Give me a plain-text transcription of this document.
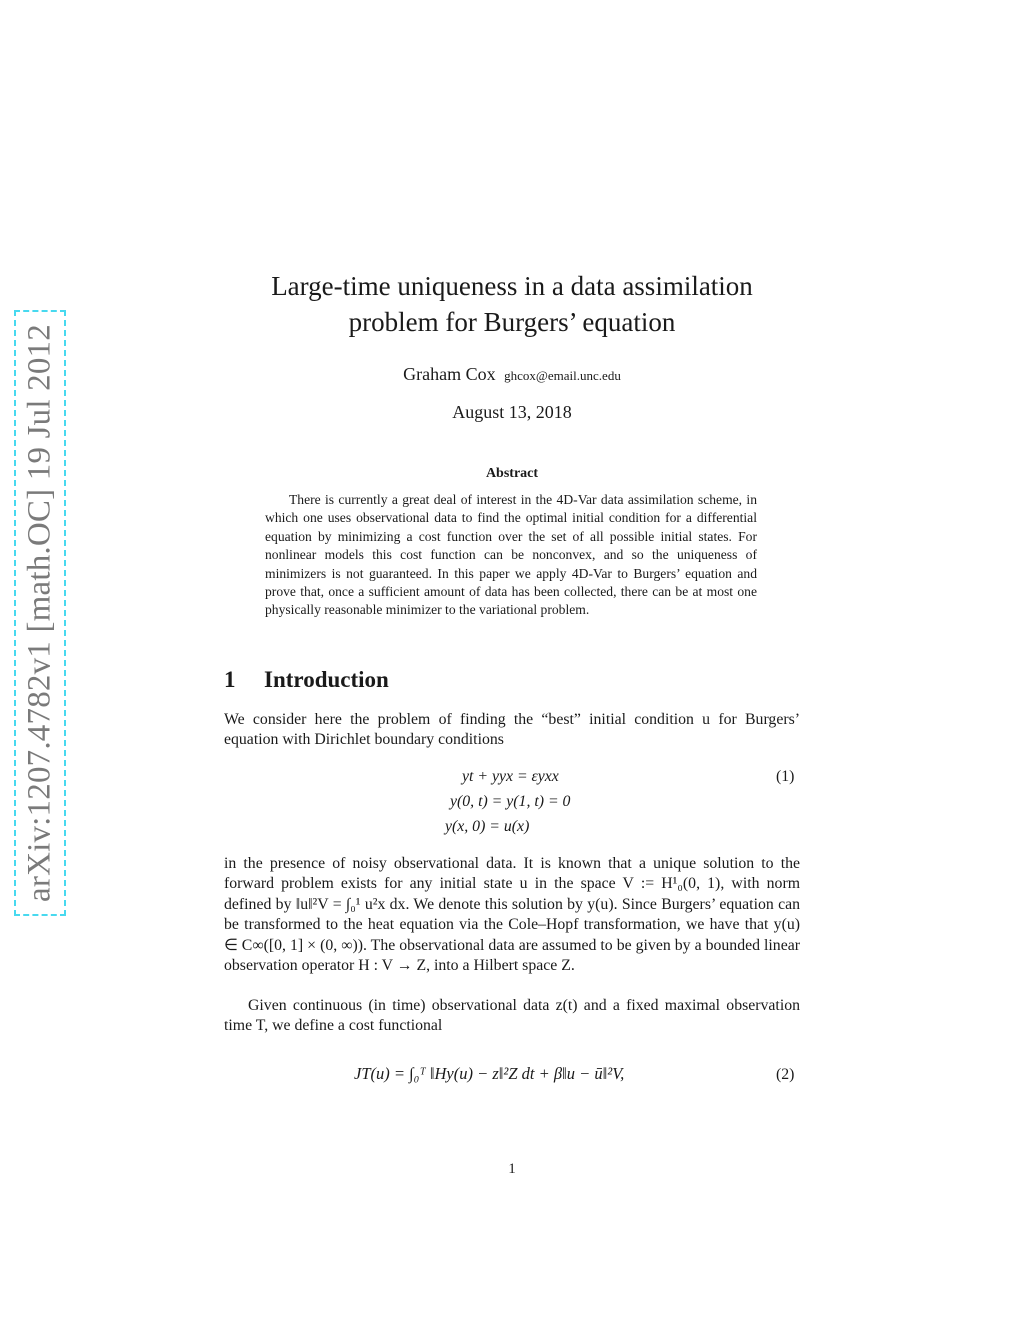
arXiv:1207.4782v1 [math.OC] 19 Jul 2012
Large-time uniqueness in a data assimilation
problem for Burgers’ equation
Graham Cox ghcox@email.unc.edu
August 13, 2018
Abstract
There is currently a great deal of interest in the 4D-Var data assimilation scheme, in which one uses observational data to find the optimal initial condition for a differential equation by minimizing a cost function over the set of all possible initial states. For nonlinear models this cost function can be nonconvex, and so the uniqueness of minimizers is not guaranteed. In this paper we apply 4D-Var to Burgers’ equation and prove that, once a sufficient amount of data has been collected, there can be at most one physically reasonable minimizer to the variational problem.
1 Introduction
We consider here the problem of finding the “best” initial condition u for Burgers’ equation with Dirichlet boundary conditions
yt + yyx = εyxx
y(0, t) = y(1, t) = 0
y(x, 0) = u(x)
(1)
in the presence of noisy observational data. It is known that a unique solution to the forward problem exists for any initial state u in the space V := H¹₀(0, 1), with norm defined by ‖u‖²V = ∫₀¹ u²x dx. We denote this solution by y(u). Since Burgers’ equation can be transformed to the heat equation via the Cole–Hopf transformation, we have that y(u) ∈ C∞([0, 1] × (0, ∞)). The observational data are assumed to be given by a bounded linear observation operator H : V → Z, into a Hilbert space Z.
Given continuous (in time) observational data z(t) and a fixed maximal observation time T, we define a cost functional
JT(u) = ∫₀ᵀ ‖Hy(u) − z‖²Z dt + β‖u − ū‖²V,	(2)
1
